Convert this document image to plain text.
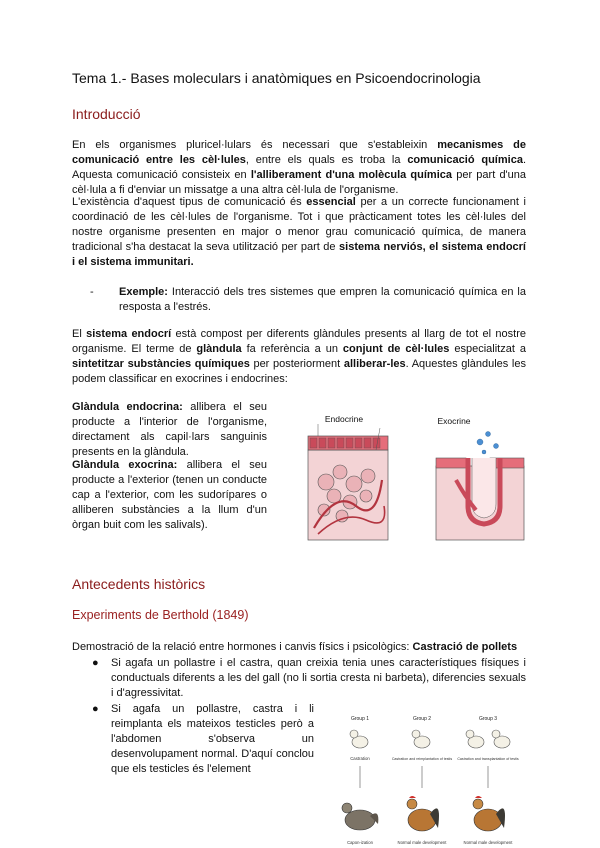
Tema 1.- Bases moleculars i anatòmiques en Psicoendocrinologia
Introducció
En els organismes pluricel·lulars és necessari que s'estableixin mecanismes de comunicació entre les cèl·lules, entre els quals es troba la comunicació química. Aquesta comunicació consisteix en l'alliberament d'una molècula química per part d'una cèl·lula a fi d'enviar un missatge a una altra cèl·lula de l'organisme.
L'existència d'aquest tipus de comunicació és essencial per a un correcte funcionament i coordinació de les cèl·lules de l'organisme. Tot i que pràcticament totes les cèl·lules del nostre organisme presenten en major o menor grau comunicació química, de manera tradicional s'ha destacat la seva utilització per part de sistema nerviós, el sistema endocrí i el sistema immunitari.
-	Exemple: Interacció dels tres sistemes que empren la comunicació química en la resposta a l'estrés.
El sistema endocrí està compost per diferents glàndules presents al llarg de tot el nostre organisme. El terme de glàndula fa referència a un conjunt de cèl·lules especialitzat a sintetitzar substàncies químiques per posteriorment alliberar-les. Aquestes glàndules les podem classificar en exocrines i endocrines:
Glàndula endocrina: allibera el seu producte a l'interior de l'organisme, directament als capil·lars sanguinis presents en la glàndula.
Glàndula exocrina: allibera el seu producte a l'exterior (tenen un conducte cap a l'exterior, com les sudorípares o alliberen substàncies a la llum d'un òrgan buit com les salivals).
Endocrine	Exocrine
Antecedents històrics
Experiments de Berthold (1849)
Demostració de la relació entre hormones i canvis físics i psicològics: Castració de pollets
● Si agafa un pollastre i el castra, quan creixia tenia unes característiques físiques i conductuals diferents a les del gall (no li sortia cresta ni barbeta), diferencies sexuals i d'agressivitat.
● Si agafa un pollastre, castra i li reimplanta els mateixos testicles però a l'abdomen s'observa un desenvolupament normal. D'aquí conclou que els testicles és l'element
Group 1	Group 2	Group 3
Castration	Castration and reimplantation of testis Castration and transplantation of testis
Capon-ization	Normal male development	Normal male development
